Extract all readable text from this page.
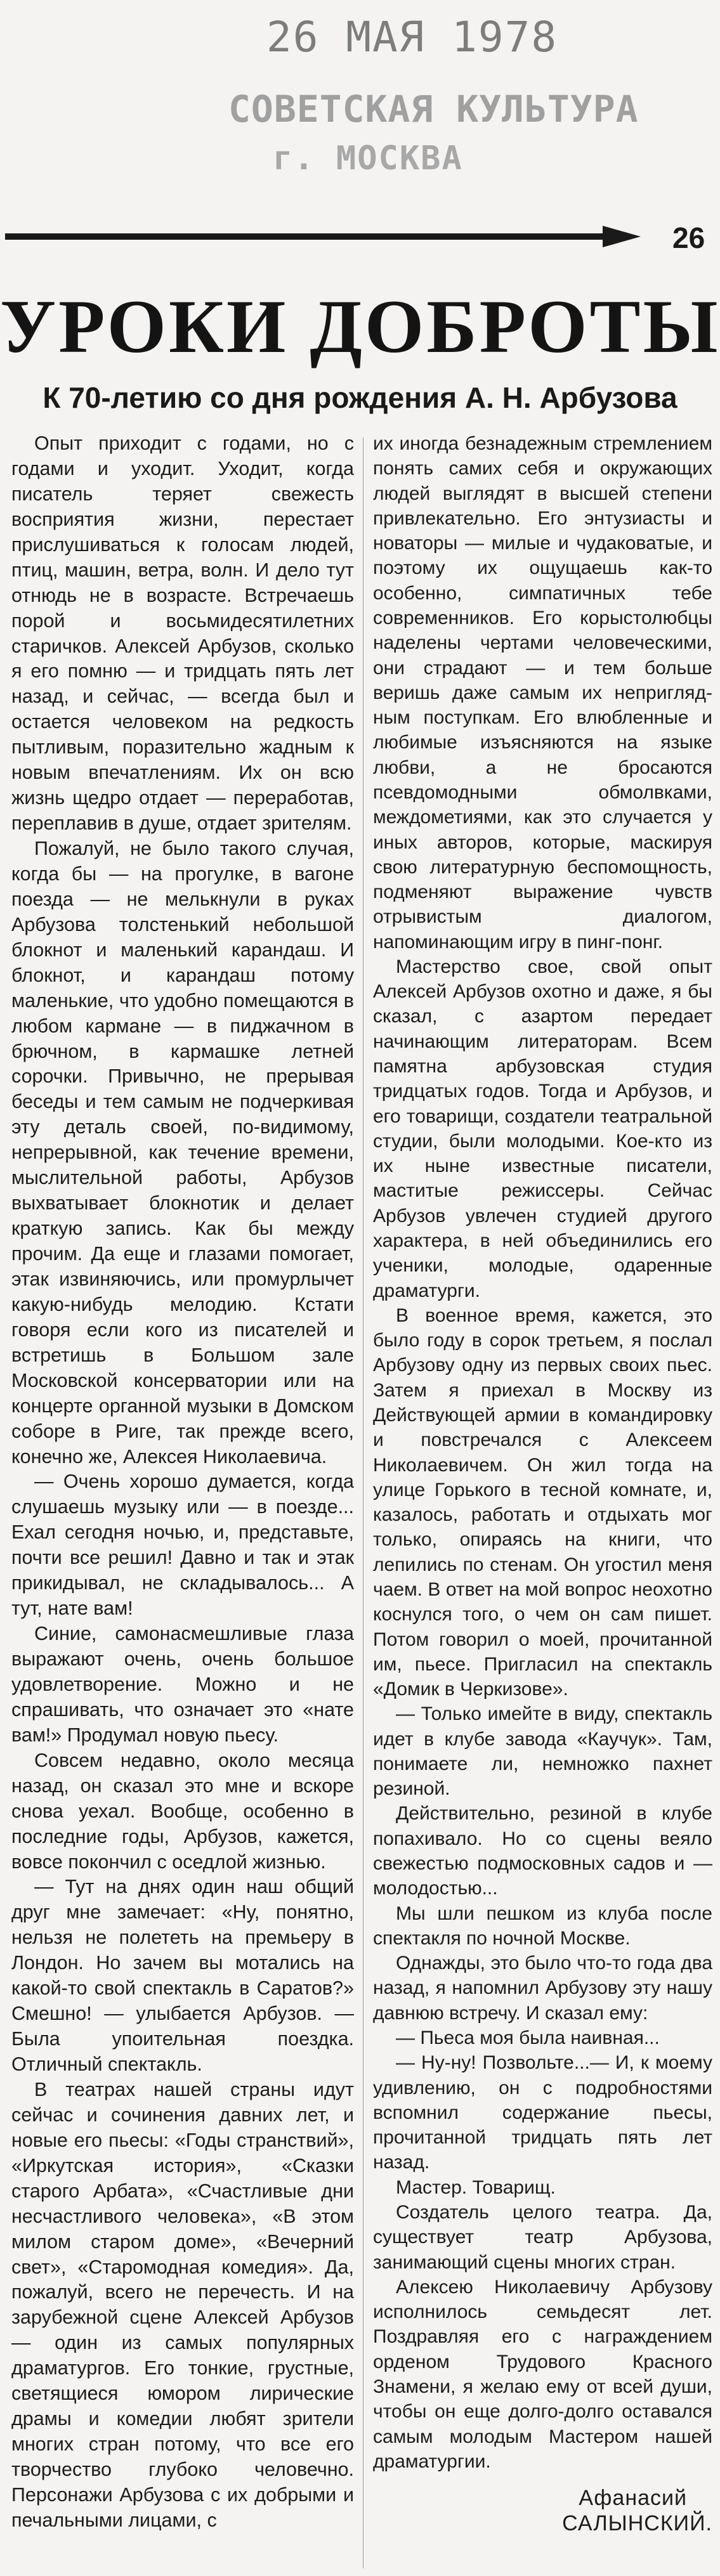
26 МАЯ 1978
СОВЕТСКАЯ КУЛЬТУРА
г. МОСКВА
26
УРОКИ ДОБРОТЫ
К 70-летию со дня рождения А. Н. Арбузова

Опыт приходит с годами, но с годами и уходит. Уходит, когда писатель теряет свежесть восприятия жизни, перестает прислушиваться к голосам людей, птиц, машин, ветра, волн. И дело тут отнюдь не в возрасте. Встречаешь порой и восьмидесятилетних старичков. Алексей Арбузов, сколько я его помню — и тридцать пять лет назад, и сейчас, — всегда был и остается человеком на редкость пытливым, поразительно жадным к новым впечатлениям. Их он всю жизнь щедро отдает — переработав, переплавив в душе, отдает зрителям.

Пожалуй, не было такого случая, когда бы — на прогулке, в вагоне поезда — не мелькнули в руках Арбузова толстенький небольшой блокнот и маленький карандаш. И блокнот, и карандаш потому маленькие, что удобно помещаются в любом кармане — в пиджачном в брючном, в кармашке летней сорочки. Привычно, не прерывая беседы и тем самым не подчеркивая эту деталь своей, по-видимому, непрерывной, как течение времени, мыслительной работы, Арбузов выхватывает блокнотик и делает краткую запись. Как бы между прочим. Да еще и глазами помогает, этак извиняючись, или промурлычет какую-нибудь мелодию. Кстати говоря если кого из писателей и встретишь в Большом зале Московской консерватории или на концерте органной музыки в Домском соборе в Риге, так прежде всего, конечно же, Алексея Николаевича.

— Очень хорошо думается, когда слушаешь музыку или — в поезде... Ехал сегодня ночью, и, представьте, почти все решил! Давно и так и этак прикидывал, не складывалось... А тут, нате вам!

Синие, самонасмешливые глаза выражают очень, очень большое удовлетворение. Можно и не спрашивать, что означает это «нате вам!» Продумал новую пьесу.

Совсем недавно, около месяца назад, он сказал это мне и вскоре снова уехал. Вообще, особенно в последние годы, Арбузов, кажется, вовсе покончил с оседлой жизнью.

— Тут на днях один наш общий друг мне замечает: «Ну, понятно, нельзя не полететь на премьеру в Лондон. Но зачем вы мотались на какой-то свой спектакль в Саратов?» Смешно! — улыбается Арбузов. — Была упоительная поездка. Отличный спектакль.

В театрах нашей страны идут сейчас и сочинения давних лет, и новые его пьесы: «Годы странствий», «Иркутская история», «Сказки старого Арбата», «Счастливые дни несчастливого человека», «В этом милом старом доме», «Вечерний свет», «Старомодная комедия». Да, пожалуй, всего не перечесть. И на зарубежной сцене Алексей Арбузов — один из самых популярных драматургов. Его тонкие, грустные, светящиеся юмором лирические драмы и комедии любят зрители многих стран потому, что все его творчество глубоко человечно. Персонажи Арбузова с их добрыми и печальными лицами, с

их иногда безнадежным стремлением понять самих себя и окружающих людей выглядят в высшей степени привлекательно. Его энтузиасты и новаторы — милые и чудаковатые, и поэтому их ощущаешь как-то особенно, симпатичных тебе современников. Его корыстолюбцы наделены чертами человеческими, они страдают — и тем больше веришь даже самым их неприглядным поступкам. Его влюбленные и любимые изъясняются на языке любви, а не бросаются псевдомодными обмолвками, междометиями, как это случается у иных авторов, которые, маскируя свою литературную беспомощность, подменяют выражение чувств отрывистым диалогом, напоминающим игру в пинг-понг.

Мастерство свое, свой опыт Алексей Арбузов охотно и даже, я бы сказал, с азартом передает начинающим литераторам. Всем памятна арбузовская студия тридцатых годов. Тогда и Арбузов, и его товарищи, создатели театральной студии, были молодыми. Кое-кто из их ныне известные писатели, маститые режиссеры. Сейчас Арбузов увлечен студией другого характера, в ней объединились его ученики, молодые, одаренные драматурги.

В военное время, кажется, это было году в сорок третьем, я послал Арбузову одну из первых своих пьес. Затем я приехал в Москву из Действующей армии в командировку и повстречался с Алексеем Николаевичем. Он жил тогда на улице Горького в тесной комнате, и, казалось, работать и отдыхать мог только, опираясь на книги, что лепились по стенам. Он угостил меня чаем. В ответ на мой вопрос неохотно коснулся того, о чем он сам пишет. Потом говорил о моей, прочитанной им, пьесе. Пригласил на спектакль «Домик в Черкизове».

— Только имейте в виду, спектакль идет в клубе завода «Каучук». Там, понимаете ли, немножко пахнет резиной.

Действительно, резиной в клубе попахивало. Но со сцены веяло свежестью подмосковных садов и — молодостью...

Мы шли пешком из клуба после спектакля по ночной Москве.

Однажды, это было что-то года два назад, я напомнил Арбузову эту нашу давнюю встречу. И сказал ему:

— Пьеса моя была наивная...

— Ну-ну! Позвольте...— И, к моему удивлению, он с подробностями вспомнил содержание пьесы, прочитанной тридцать пять лет назад.

Мастер. Товарищ.

Создатель целого театра. Да, существует театр Арбузова, занимающий сцены многих стран.

Алексею Николаевичу Арбузову исполнилось семьдесят лет. Поздравляя его с награждением орденом Трудового Красного Знамени, я желаю ему от всей души, чтобы он еще долго-долго оставался самым молодым Мастером нашей драматургии.

Афанасий
САЛЫНСКИЙ.
